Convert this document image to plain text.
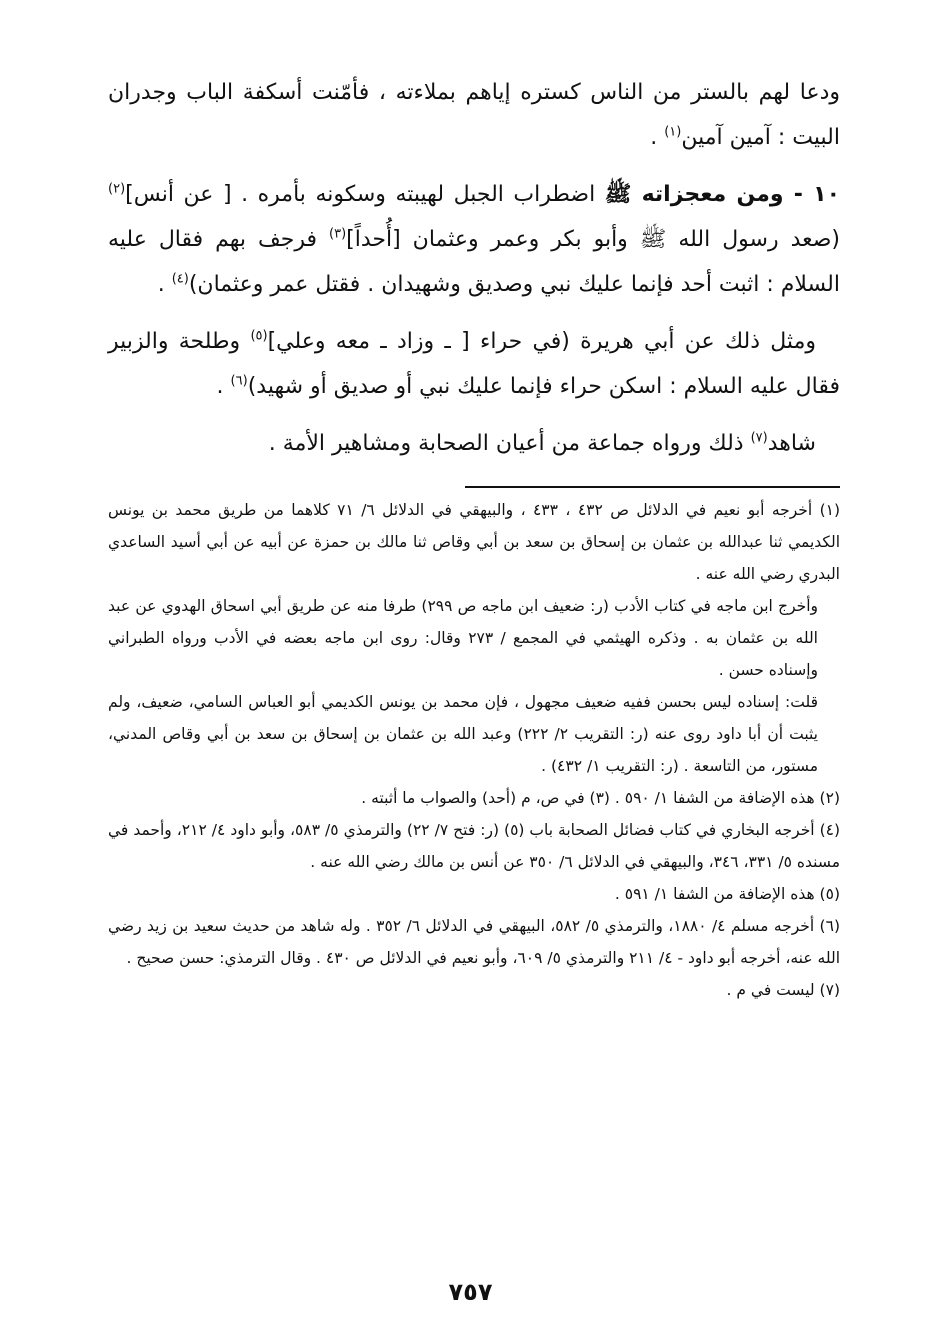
ودعا لهم بالستر من الناس كستره إياهم بملاءته ، فأمّنت أسكفة الباب وجدران البيت : آمين آمين$^{(١)}$ .

١٠ - ومن معجزاته ﷺ اضطراب الجبل لهيبته وسكونه بأمره . [ عن أنس]$^{(٢)}$ (صعد رسول الله ﷺ وأبو بكر وعمر وعثمان [أُحداً]$^{(٣)}$ فرجف بهم فقال عليه السلام : اثبت أحد فإنما عليك نبي وصديق وشهيدان . فقتل عمر وعثمان)$^{(٤)}$ .

ومثل ذلك عن أبي هريرة (في حراء [ ـ وزاد ـ معه وعلي]$^{(٥)}$ وطلحة والزبير فقال عليه السلام : اسكن حراء فإنما عليك نبي أو صديق أو شهيد)$^{(٦)}$ .

شاهد$^{(٧)}$ ذلك ورواه جماعة من أعيان الصحابة ومشاهير الأمة .

(١) أخرجه أبو نعيم في الدلائل ص ٤٣٢ ، ٤٣٣ ، والبيهقي في الدلائل ٦/ ٧١ كلاهما من طريق محمد بن يونس الكديمي ثنا عبدالله بن عثمان بن إسحاق بن سعد بن أبي وقاص ثنا مالك بن حمزة عن أبيه عن أبي أسيد الساعدي البدري رضي الله عنه .

وأخرج ابن ماجه في كتاب الأدب (ر: ضعيف ابن ماجه ص ٢٩٩) طرفا منه عن طريق أبي اسحاق الهدوي عن عبد الله بن عثمان به . وذكره الهيثمي في المجمع / ٢٧٣ وقال: روى ابن ماجه بعضه في الأدب ورواه الطبراني وإسناده حسن .

قلت: إسناده ليس بحسن ففيه ضعيف مجهول ، فإن محمد بن يونس الكديمي أبو العباس السامي، ضعيف، ولم يثبت أن أبا داود روى عنه (ر: التقريب ٢/ ٢٢٢) وعبد الله بن عثمان بن إسحاق بن سعد بن أبي وقاص المدني، مستور، من التاسعة . (ر: التقريب ١/ ٤٣٢) .

(٢) هذه الإضافة من الشفا ١/ ٥٩٠ . (٣) في ص، م (أحد) والصواب ما أثبته .

(٤) أخرجه البخاري في كتاب فضائل الصحابة باب (٥) (ر: فتح ٧/ ٢٢) والترمذي ٥/ ٥٨٣، وأبو داود ٤/ ٢١٢، وأحمد في مسنده ٥/ ٣٣١، ٣٤٦، والبيهقي في الدلائل ٦/ ٣٥٠ عن أنس بن مالك رضي الله عنه .

(٥) هذه الإضافة من الشفا ١/ ٥٩١ .

(٦) أخرجه مسلم ٤/ ١٨٨٠، والترمذي ٥/ ٥٨٢، البيهقي في الدلائل ٦/ ٣٥٢ . وله شاهد من حديث سعيد بن زيد رضي الله عنه، أخرجه أبو داود - ٤/ ٢١١ والترمذي ٥/ ٦٠٩، وأبو نعيم في الدلائل ص ٤٣٠ . وقال الترمذي: حسن صحيح .

(٧) ليست في م .

٧٥٧
